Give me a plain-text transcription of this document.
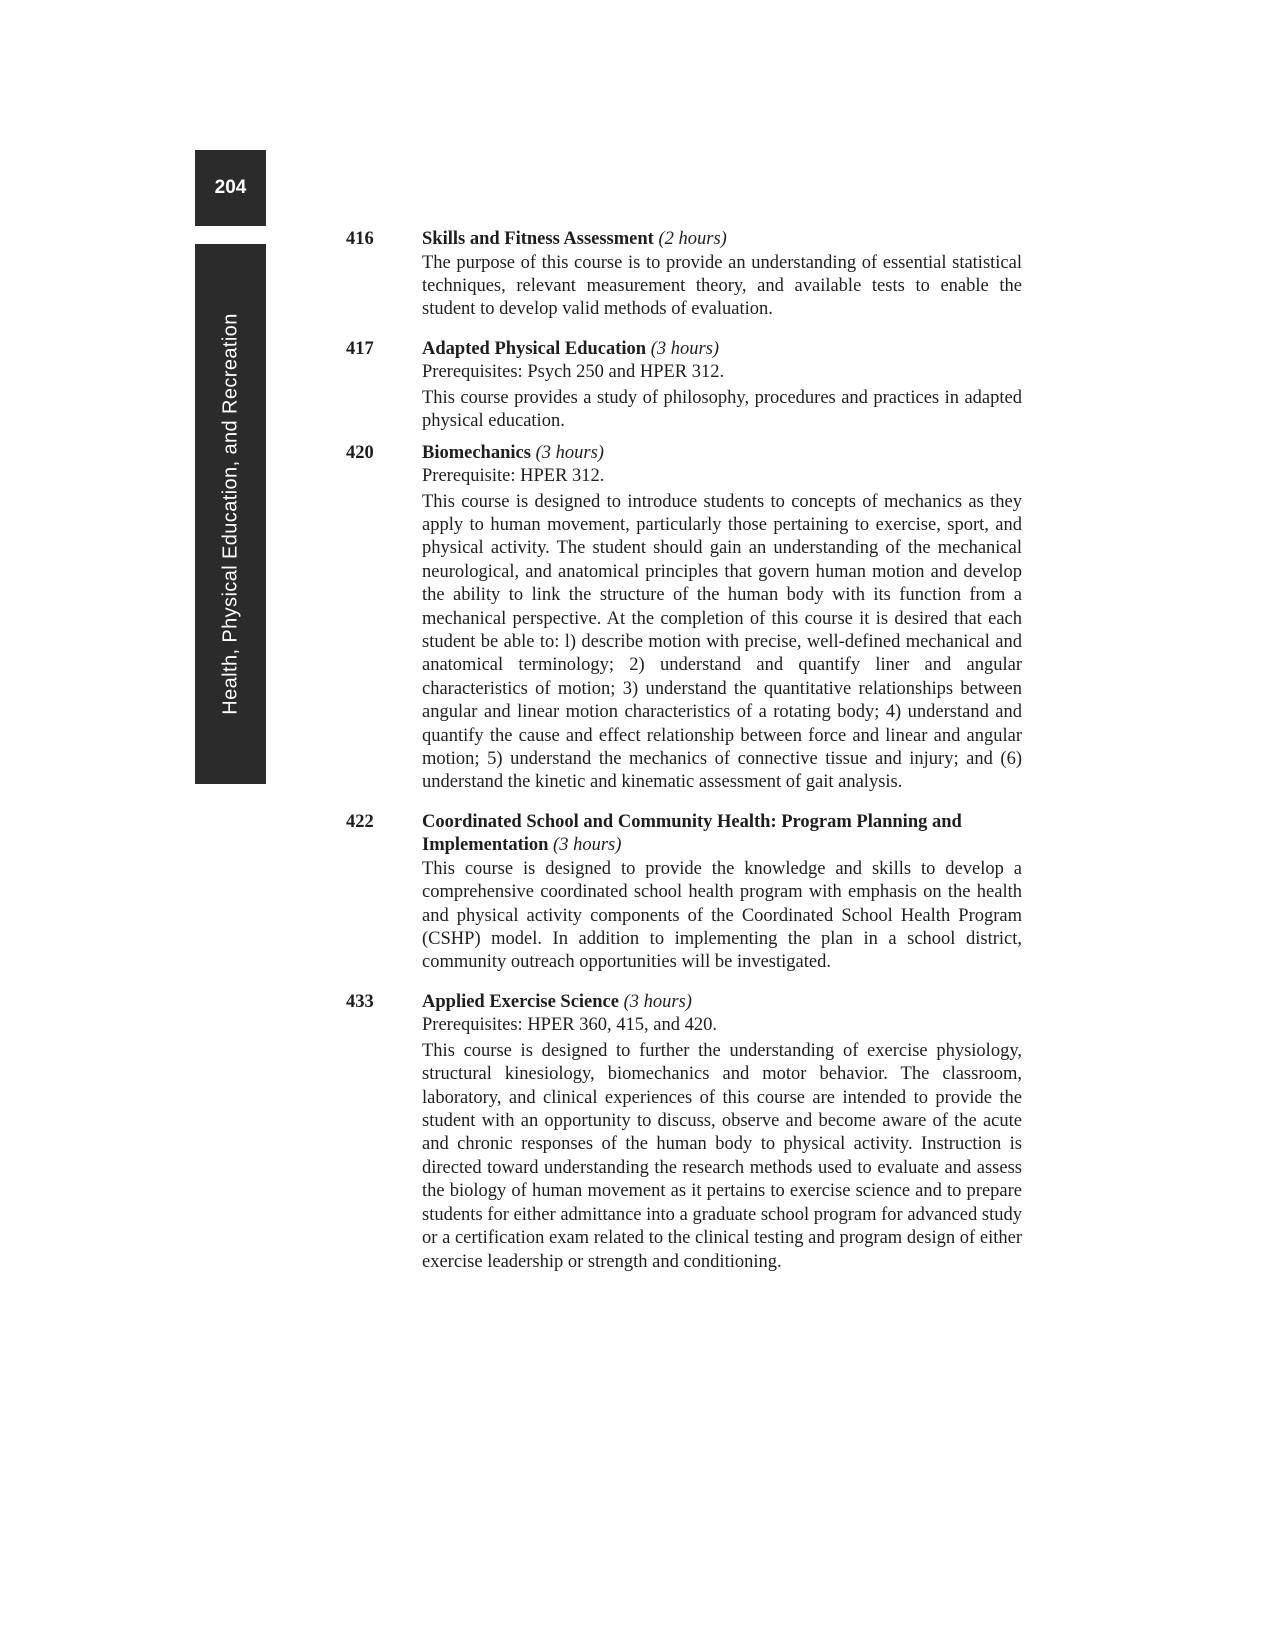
204
Health, Physical Education, and Recreation
416	Skills and Fitness Assessment (2 hours)
The purpose of this course is to provide an understanding of essential statistical techniques, relevant measurement theory, and available tests to enable the student to develop valid methods of evaluation.
417	Adapted Physical Education (3 hours)
Prerequisites: Psych 250 and HPER 312.
This course provides a study of philosophy, procedures and practices in adapted physical education.
420	Biomechanics (3 hours)
Prerequisite: HPER 312.
This course is designed to introduce students to concepts of mechanics as they apply to human movement, particularly those pertaining to exercise, sport, and physical activity. The student should gain an understanding of the mechanical neurological, and anatomical principles that govern human motion and develop the ability to link the structure of the human body with its function from a mechanical perspective. At the completion of this course it is desired that each student be able to: l) describe motion with precise, well-defined mechanical and anatomical terminology; 2) understand and quantify liner and angular characteristics of motion; 3) understand the quantitative relationships between angular and linear motion characteristics of a rotating body; 4) understand and quantify the cause and effect relationship between force and linear and angular motion; 5) understand the mechanics of connective tissue and injury; and (6) understand the kinetic and kinematic assessment of gait analysis.
422	Coordinated School and Community Health: Program Planning and Implementation (3 hours)
This course is designed to provide the knowledge and skills to develop a comprehensive coordinated school health program with emphasis on the health and physical activity components of the Coordinated School Health Program (CSHP) model. In addition to implementing the plan in a school district, community outreach opportunities will be investigated.
433	Applied Exercise Science (3 hours)
Prerequisites: HPER 360, 415, and 420.
This course is designed to further the understanding of exercise physiology, structural kinesiology, biomechanics and motor behavior. The classroom, laboratory, and clinical experiences of this course are intended to provide the student with an opportunity to discuss, observe and become aware of the acute and chronic responses of the human body to physical activity. Instruction is directed toward understanding the research methods used to evaluate and assess the biology of human movement as it pertains to exercise science and to prepare students for either admittance into a graduate school program for advanced study or a certification exam related to the clinical testing and program design of either exercise leadership or strength and conditioning.
